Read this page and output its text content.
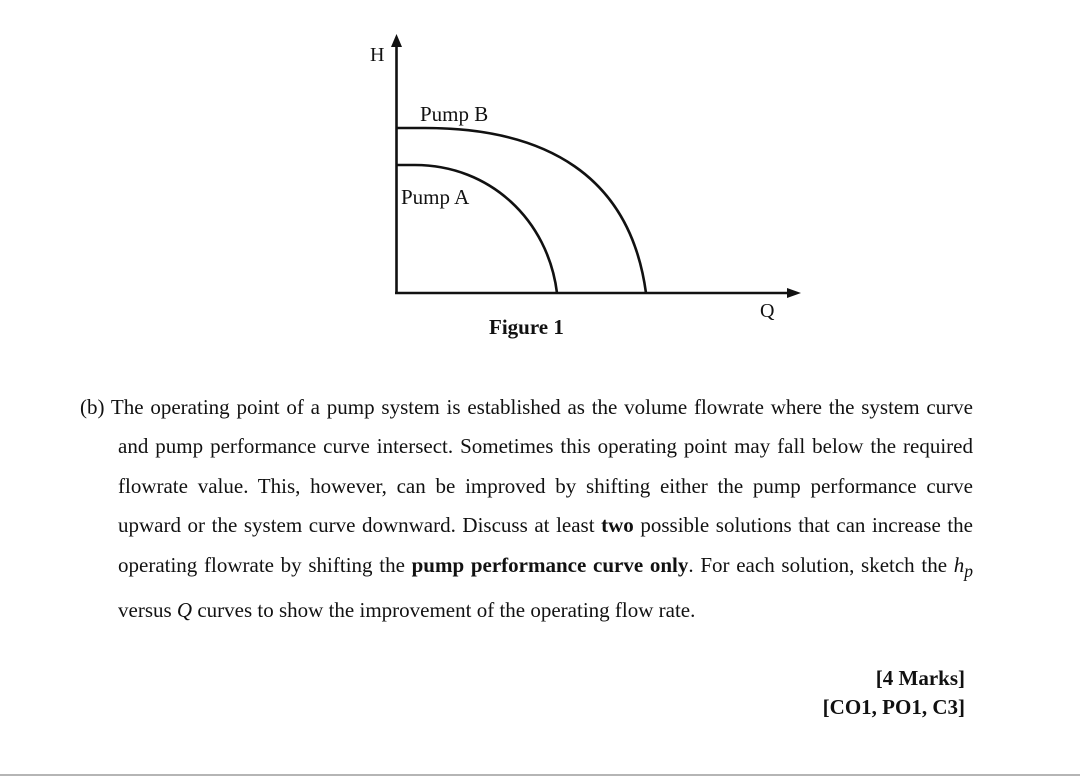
H
Q
Pump B
Pump A
Figure 1

(b) The operating point of a pump system is established as the volume flowrate where the system curve and pump performance curve intersect. Sometimes this operating point may fall below the required flowrate value. This, however, can be improved by shifting either the pump performance curve upward or the system curve downward. Discuss at least two possible solutions that can increase the operating flowrate by shifting the pump performance curve only. For each solution, sketch the $h_p$ versus Q curves to show the improvement of the operating flow rate.

[4 Marks]
[CO1, PO1, C3]
